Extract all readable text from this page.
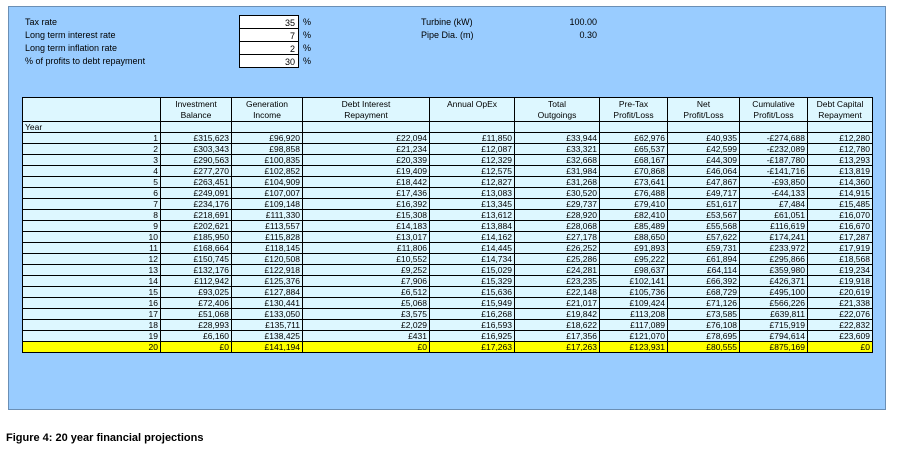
Tax rate	35 %
Long term interest rate	7 %
Long term inflation rate	2 %
% of profits to debt repayment	30 %
Turbine (kW)	100.00
Pipe Dia. (m)	0.30
	Investment	Generation	Debt Interest	Annual OpEx	Total	Pre-Tax	Net	Cumulative	Debt Capital
	Balance	Income	Repayment		Outgoings	Profit/Loss	Profit/Loss	Profit/Loss	Repayment
Year									
1	£315,623	£96,920	£22,094	£11,850	£33,944	£62,976	£40,935	-£274,688	£12,280
2	£303,343	£98,858	£21,234	£12,087	£33,321	£65,537	£42,599	-£232,089	£12,780
3	£290,563	£100,835	£20,339	£12,329	£32,668	£68,167	£44,309	-£187,780	£13,293
4	£277,270	£102,852	£19,409	£12,575	£31,984	£70,868	£46,064	-£141,716	£13,819
5	£263,451	£104,909	£18,442	£12,827	£31,268	£73,641	£47,867	-£93,850	£14,360
6	£249,091	£107,007	£17,436	£13,083	£30,520	£76,488	£49,717	-£44,133	£14,915
7	£234,176	£109,148	£16,392	£13,345	£29,737	£79,410	£51,617	£7,484	£15,485
8	£218,691	£111,330	£15,308	£13,612	£28,920	£82,410	£53,567	£61,051	£16,070
9	£202,621	£113,557	£14,183	£13,884	£28,068	£85,489	£55,568	£116,619	£16,670
10	£185,950	£115,828	£13,017	£14,162	£27,178	£88,650	£57,622	£174,241	£17,287
11	£168,664	£118,145	£11,806	£14,445	£26,252	£91,893	£59,731	£233,972	£17,919
12	£150,745	£120,508	£10,552	£14,734	£25,286	£95,222	£61,894	£295,866	£18,568
13	£132,176	£122,918	£9,252	£15,029	£24,281	£98,637	£64,114	£359,980	£19,234
14	£112,942	£125,376	£7,906	£15,329	£23,235	£102,141	£66,392	£426,371	£19,918
15	£93,025	£127,884	£6,512	£15,636	£22,148	£105,736	£68,729	£495,100	£20,619
16	£72,406	£130,441	£5,068	£15,949	£21,017	£109,424	£71,126	£566,226	£21,338
17	£51,068	£133,050	£3,575	£16,268	£19,842	£113,208	£73,585	£639,811	£22,076
18	£28,993	£135,711	£2,029	£16,593	£18,622	£117,089	£76,108	£715,919	£22,832
19	£6,160	£138,425	£431	£16,925	£17,356	£121,070	£78,695	£794,614	£23,609
20	£0	£141,194	£0	£17,263	£17,263	£123,931	£80,555	£875,169	£0
Figure 4: 20 year financial projections
